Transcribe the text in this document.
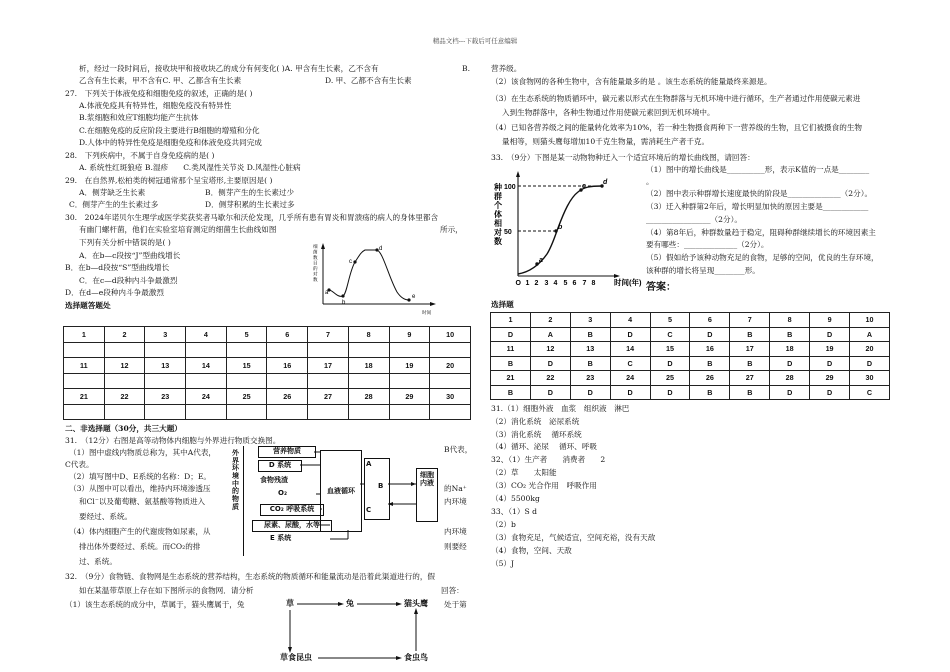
精品文档---下载后可任意编辑
析，经过一段时间后，接收块甲和接收块乙的成分有何变化( )A. 甲含有生长素，乙不含有	B.
乙含有生长素，甲不含有C. 甲、乙都含有生长素	D. 甲、乙都不含有生长素
27.　下列关于体液免疫和细胞免疫的叙述，正确的是( )
A.体液免疫具有特异性，细胞免疫没有特异性
B.浆细胞和效应T细胞均能产生抗体
C.在细胞免疫的反应阶段主要进行B细胞的增殖和分化
D.人体中的特异性免疫是细胞免疫和体液免疫共同完成
28.　下列疾病中，不属于自身免疫病的是( )
A. 系统性红斑狼疮 B.湿疹　　C.类风湿性关节炎 D.风湿性心脏病
29.　在自然界,松柏类的树冠通常那个呈宝塔形,主要原因是( )
A．侧芽缺乏生长素	B．侧芽产生的生长素过少
C．侧芽产生的生长素过多	D．侧芽积累的生长素过多
30.　2024年诺贝尔生理学或医学奖获奖者马歇尔和沃伦发现，几乎所有患有胃炎和胃溃疡的病人的身体里都含
有幽门螺杆菌，他们在实验室培育测定的细菌生长曲线如图	所示，
下列有关分析中错误的是( )
A．在b—c段按“J”型曲线增长
B．在b—d段按“S”型曲线增长
C．在c—d段种内斗争最激烈
D．在d—e段种内斗争最激烈
细菌数目的对数
a
b
c
d
e
时间
选择题答题处
1	2	3	4	5	6	7	8	9	10

11	12	13	14	15	16	17	18	19	20

21	22	23	24	25	26	27	28	29	30

二、非选择题（30分，共三大题）
31.　（12分）右图是高等动物体内细胞与外界进行物质交换图。
B代表，
（1）图中虚线内物质总称为，其中A代表，
C代表。
（2）填写图中D、E系统的名称：D；E。
（3）从图中可以看出，维持内环境渗透压	的Na⁺
和Cl⁻以及葡萄糖、氨基酸等物质进入	内环境
要经过、系统。
（4）体内细胞产生的代谢废物如尿素，从	内环境
排出体外要经过、系统。而CO₂的排	则要经
过、系统。
外界环境中的物质
营养物质
D 系统
食物残渣
O₂
CO₂ 呼吸系统
尿素、尿酸，水等
E 系统
血液循环
A
B
C
细胞内液
32.　（9分）食物链、食物网是生态系统的营养结构，生态系统的物质循环和能量流动是沿着此渠道进行的，假
如在某温带草原上存在如下图所示的食物网．请分析	回答：
（1）该生态系统的成分中，草属于，猫头鹰属于，兔	处于第
草	兔	猫头鹰
草食昆虫	食虫鸟
营养级。
（2）该食物网的各种生物中，含有能量最多的是 。该生态系统的能量最终来源是。
（3）在生态系统的物质循环中，碳元素以形式在生物群落与无机环境中进行循环，生产者通过作用使碳元素进
入到生物群落中，各种生物通过作用使碳元素回到无机环境中。
（4）已知各营养级之间的能量转化效率为10%，若一种生物摄食两种下一营养级的生物，且它们被摄食的生物
量相等，则猫头鹰每增加10千克生物量，需消耗生产者千克。
33.　（9分）下图是某一动物物种迁入一个适宜环境后的增长曲线图，请回答：
（1）图中的增长曲线是__________形，表示K值的一点是________
。
（2）图中表示种群增长速度最快的阶段是______________（2分）。
（3）迁入种群第2年后，增长明显加快的原因主要是____________
_________________（2分）。
（4）第8年后，种群数量趋于稳定，阻碍种群继续增长的环境因素主
要有哪些：______________（2分）。
（5）假如给予该种动物充足的食物，足够的空间，优良的生存环境，
该种群的增长将呈现________形。
种群个体相对数
O 1 2 3 4 5 6 7 8
50
100
a
b
c
d
时间(年) 答案：
选择题
1	2	3	4	5	6	7	8	9	10
D	A	B	D	C	D	B	B	D	A
11	12	13	14	15	16	17	18	19	20
B	D	B	C	D	B	B	D	D	D
21	22	23	24	25	26	27	28	29	30
B	D	D	D	D	B	B	D	D	C
31.（1）细胞外液　血浆　组织液　淋巴
（2）消化系统　泌尿系统
（3）消化系统　 循环系统
（4）循环、泌尿　 循环、呼吸
32、（1）生产者　　消费者　　2
（2）草　　太阳能
（3）CO₂ 光合作用　呼吸作用
（4）5500kg
33、（1）S d
（2）b
（3）食物充足，气候适宜，空间充裕，没有天敌
（4）食物，空间、天敌
（5）J
